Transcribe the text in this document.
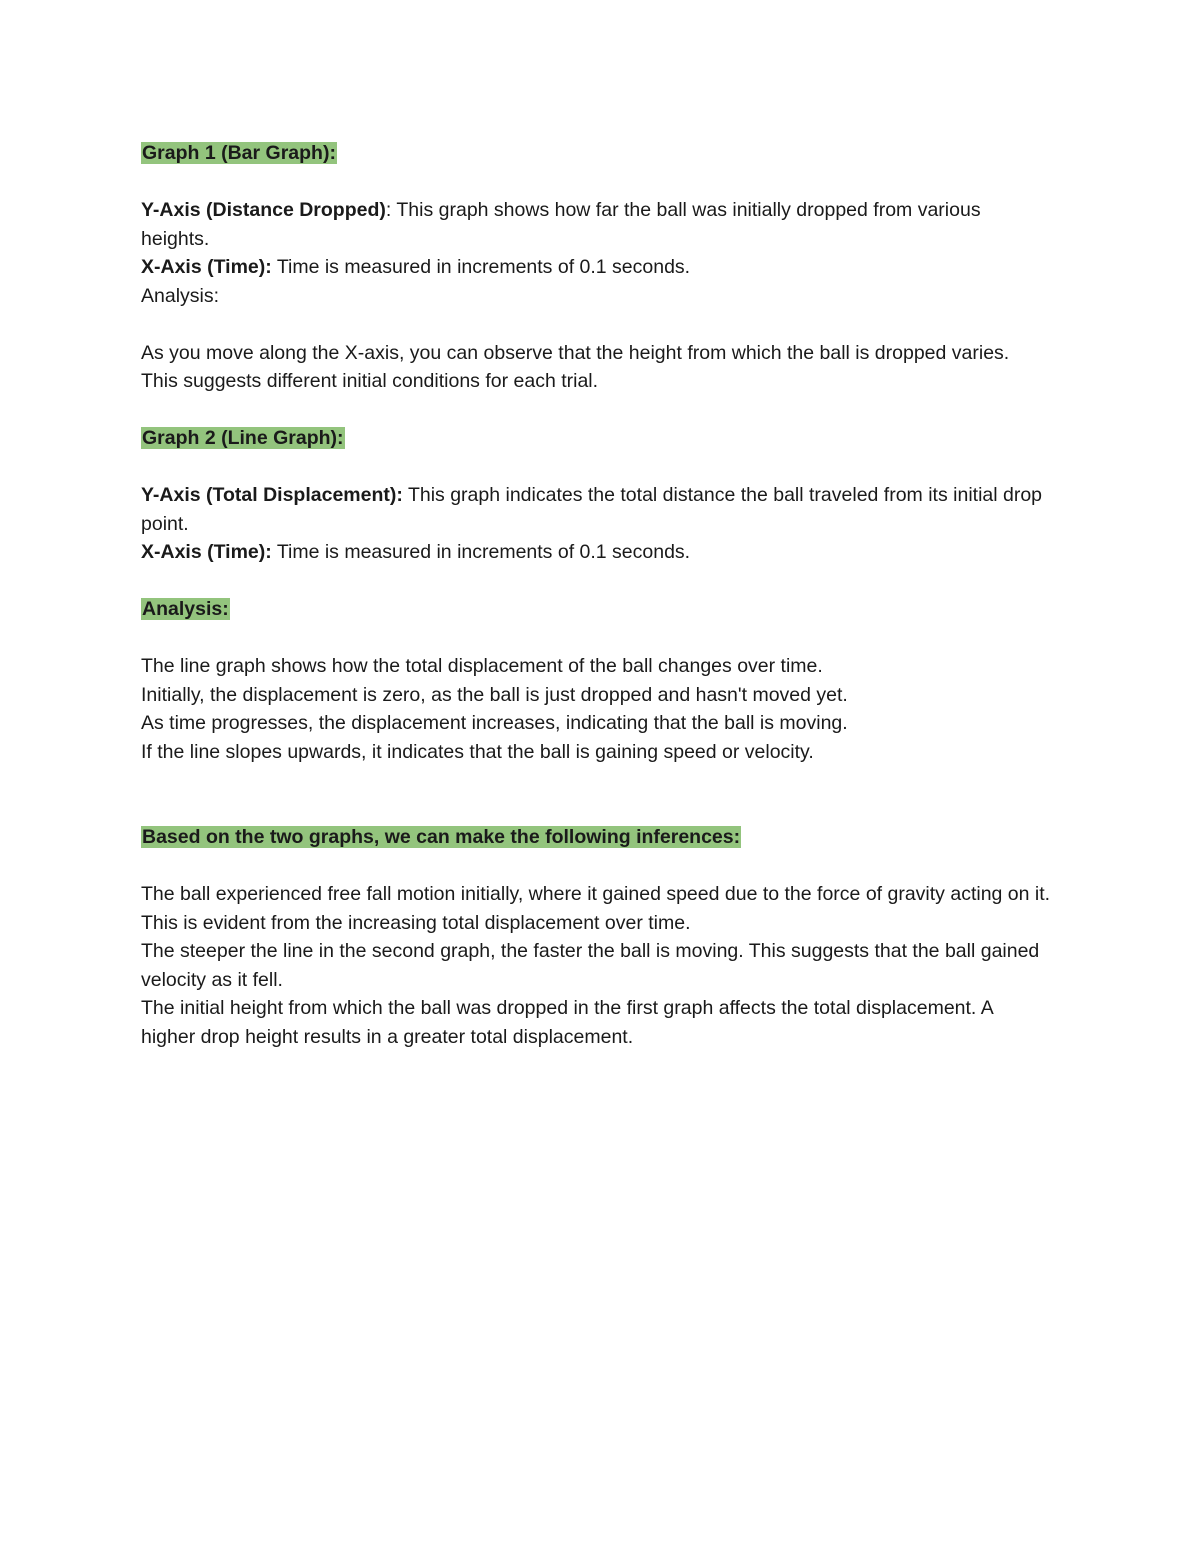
Graph 1 (Bar Graph):

Y-Axis (Distance Dropped): This graph shows how far the ball was initially dropped from various heights.

X-Axis (Time): Time is measured in increments of 0.1 seconds.

Analysis:

As you move along the X-axis, you can observe that the height from which the ball is dropped varies. This suggests different initial conditions for each trial.

Graph 2 (Line Graph):

Y-Axis (Total Displacement): This graph indicates the total distance the ball traveled from its initial drop point.

X-Axis (Time): Time is measured in increments of 0.1 seconds.

Analysis:

The line graph shows how the total displacement of the ball changes over time.

Initially, the displacement is zero, as the ball is just dropped and hasn't moved yet.

As time progresses, the displacement increases, indicating that the ball is moving.

If the line slopes upwards, it indicates that the ball is gaining speed or velocity.

Based on the two graphs, we can make the following inferences:

The ball experienced free fall motion initially, where it gained speed due to the force of gravity acting on it. This is evident from the increasing total displacement over time.

The steeper the line in the second graph, the faster the ball is moving. This suggests that the ball gained velocity as it fell.

The initial height from which the ball was dropped in the first graph affects the total displacement. A higher drop height results in a greater total displacement.
